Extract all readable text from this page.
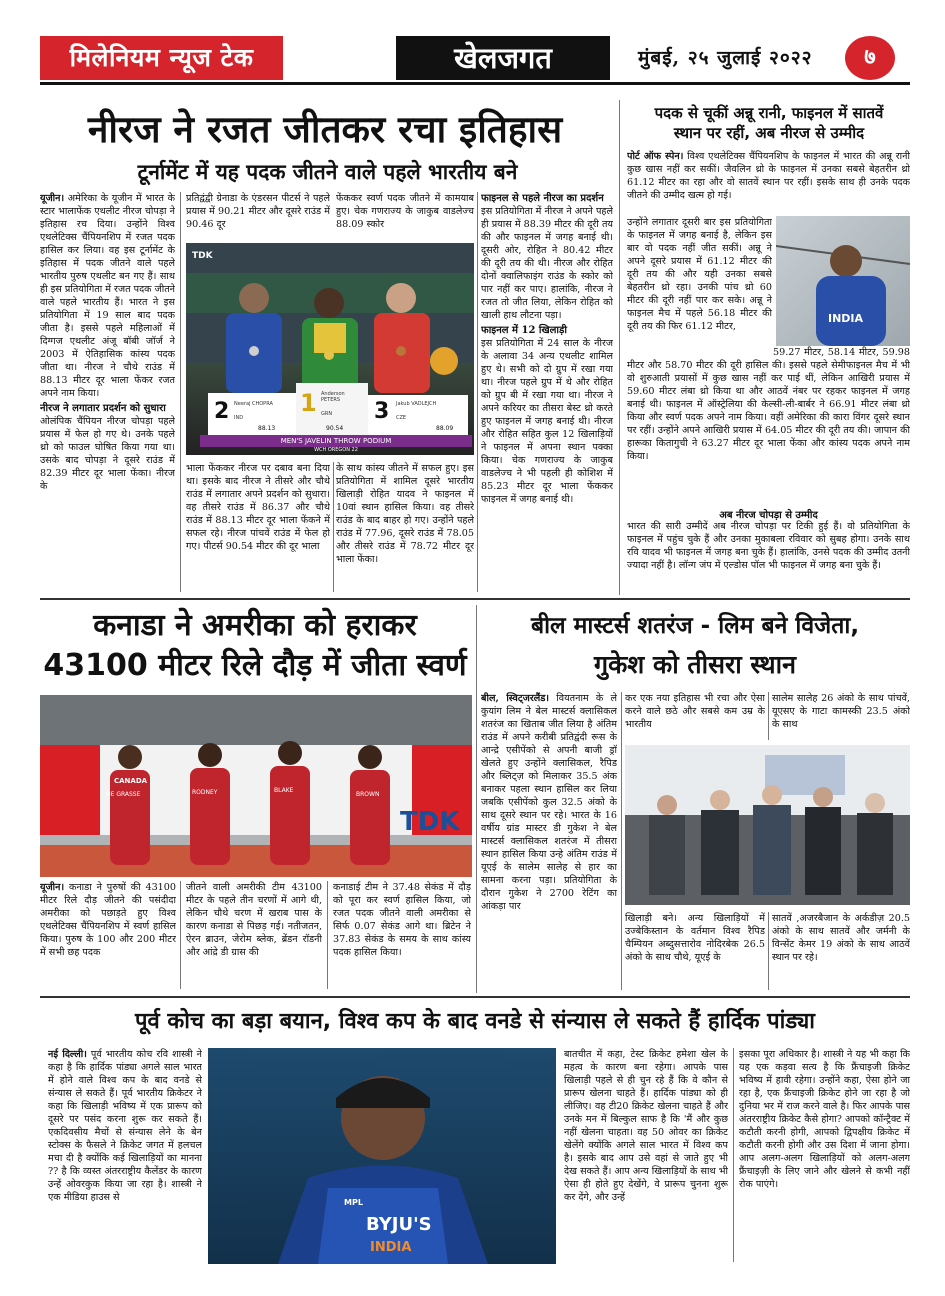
मिलेनियम न्यूज टेक	खेलजगत	मुंबई, २५ जुलाई २०२२	७
नीरज ने रजत जीतकर रचा इतिहास
टूर्नामेंट में यह पदक जीतने वाले पहले भारतीय बने
यूजीन। अमेरिका के यूजीन में भारत के स्टार भालाफेंक एथलीट नीरज चोपड़ा ने इतिहास रच दिया। उन्होंने विश्व एथलेटिक्स चैंपियनशिप में रजत पदक हासिल कर लिया। वह इस टूर्नामेंट के इतिहास में पदक जीतने वाले पहले भारतीय पुरुष एथलीट बन गए हैं। साथ ही इस प्रतियोगिता में रजत पदक जीतने वाले पहले भारतीय हैं। भारत ने इस प्रतियोगिता में 19 साल बाद पदक जीता है। इससे पहले महिलाओं में दिग्गज एथलीट अंजू बॉबी जॉर्ज ने 2003 में ऐतिहासिक कांस्य पदक जीता था। नीरज ने चौथे राउंड में 88.13 मीटर दूर भाला फेंकर रजत अपने नाम किया।
नीरज ने लगातार प्रदर्शन को सुधारा
ओलंपिक चैंपियन नीरज चोपड़ा पहले प्रयास में फेल हो गए थे। उनके पहले थ्रो को फाउल घोषित किया गया था। उसके बाद चोपड़ा ने दूसरे राउंड में 82.39 मीटर दूर भाला फेंका। नीरज के
प्रतिद्वंद्वी ग्रेनाडा के एंडरसन पीटर्स ने पहले प्रयास में 90.21 मीटर और दूसरे राउंड में 90.46 दूर
फेंककर स्वर्ण पदक जीतने में कामयाब हुए। चेक गणराज्य के जाकुब वाडलेज्च 88.09 स्कोर
2	1	3
Neeraj CHOPRA
IND
88.13
Anderson PETERS
GRN
90.54
Jakub VADLEJCH
CZE
88.09
MEN'S JAVELIN THROW PODIUM
WCH OREGON 22
TDK
भाला फेंककर नीरज पर दबाव बना दिया था। इसके बाद नीरज ने तीसरे और चौथे राउंड में लगातार अपने प्रदर्शन को सुधारा। वह तीसरे राउंड में 86.37 और चौथे राउंड में 88.13 मीटर दूर भाला फेंकने में सफल रहे। नीरज पांचवें राउंड में फेल हो गए। पीटर्स 90.54 मीटर की दूर भाला
के साथ कांस्य जीतने में सफल हुए। इस प्रतियोगिता में शामिल दूसरे भारतीय खिलाड़ी रोहित यादव ने फाइनल में 10वां स्थान हासिल किया। वह तीसरे राउंड के बाद बाहर हो गए। उन्होंने पहले राउंड में 77.96, दूसरे राउंड में 78.05 और तीसरे राउंड में 78.72 मीटर दूर भाला फेंका।
फाइनल से पहले नीरज का प्रदर्शन
इस प्रतियोगिता में नीरज ने अपने पहले ही प्रयास में 88.39 मीटर की दूरी तय की और फाइनल में जगह बनाई थी। दूसरी ओर, रोहित ने 80.42 मीटर की दूरी तय की थी। नीरज और रोहित दोनों क्वालिफाइंग राउंड के स्कोर को पार नहीं कर पाए। हालांकि, नीरज ने रजत तो जीत लिया, लेकिन रोहित को खाली हाथ लौटना पड़ा।
फाइनल में 12 खिलाड़ी
इस प्रतियोगिता में 24 साल के नीरज के अलावा 34 अन्य एथलीट शामिल हुए थे। सभी को दो ग्रुप में रखा गया था। नीरज पहले ग्रुप में थे और रोहित को ग्रुप बी में रखा गया था। नीरज ने अपने करियर का तीसरा बेस्ट थ्रो करते हुए फाइनल में जगह बनाई थी। नीरज और रोहित सहित कुल 12 खिलाड़ियों ने फाइनल में अपना स्थान पक्का किया। चेक गणराज्य के जाकुब वाडलेज्च ने भी पहली ही कोशिश में 85.23 मीटर दूर भाला फेंककर फाइनल में जगह बनाई थी।
पदक से चूकीं अन्नू रानी, फाइनल में सातवें
स्थान पर रहीं, अब नीरज से उम्मीद
पोर्ट ऑफ स्पेन। विश्व एथलेटिक्स चैंपियनशिप के फाइनल में भारत की अन्नू रानी कुछ खास नहीं कर सकीं। जैवलिन थ्रो के फाइनल में उनका सबसे बेहतरीन थ्रो 61.12 मीटर का रहा और वो सातवें स्थान पर रहीं। इसके साथ ही उनके पदक जीतने की उम्मीद खत्म हो गई।
उन्होंने लगातार दूसरी बार इस प्रतियोगिता के फाइनल में जगह बनाई है, लेकिन इस बार वो पदक नहीं जीत सकीं। अन्नू ने अपने दूसरे प्रयास में 61.12 मीटर की दूरी तय की और यही उनका सबसे बेहतरीन थ्रो रहा। उनकी पांच थ्रो 60 मीटर की दूरी नहीं पार कर सके। अन्नू ने फाइनल मैच में पहले 56.18 मीटर की दूरी तय की फिर 61.12 मीटर,
INDIA
59.27 मीटर, 58.14 मीटर, 59.98 मीटर और 58.70 मीटर की दूरी हासिल की। इससे पहले सेमीफाइनल मैच में भी वो शुरुआती प्रयासों में कुछ खास नहीं कर पाई थीं, लेकिन आखिरी प्रयास में 59.60 मीटर लंबा थ्रो किया था और आठवें नंबर पर रहकर फाइनल में जगह बनाई थी। फाइनल में ऑस्ट्रेलिया की केल्सी-ली-बार्बर ने 66.91 मीटर लंबा थ्रो किया और स्वर्ण पदक अपने नाम किया। वहीं अमेरिका की कारा विंगर दूसरे स्थान पर रहीं। उन्होंने अपने आखिरी प्रयास में 64.05 मीटर की दूरी तय की। जापान की हारूका कितागुची ने 63.27 मीटर दूर भाला फेंका और कांस्य पदक अपने नाम किया।
अब नीरज चोपड़ा से उम्मीद
भारत की सारी उम्मीदें अब नीरज चोपड़ा पर टिकी हुई हैं। वो प्रतियोगिता के फाइनल में पहुंच चुके हैं और उनका मुकाबला रविवार को सुबह होगा। उनके साथ रवि यादव भी फाइनल में जगह बना चुके हैं। हालांकि, उनसे पदक की उम्मीद उतनी ज्यादा नहीं है। लॉन्ग जंप में एल्डोस पॉल भी फाइनल में जगह बना चुके हैं।
कनाडा ने अमरीका को हराकर
43100 मीटर रिले दौड़ में जीता स्वर्ण
TDK
CANADA
DE GRASSE	RODNEY	BLAKE
BROWN
यूजीन। कनाडा ने पुरुषों की 43100 मीटर रिले दौड़ जीतने की पसंदीदा अमरीका को पछाड़ते हुए विश्व एथलेटिक्स चैंपियनशिप में स्वर्ण हासिल किया। पुरुष के 100 और 200 मीटर में सभी छह पदक
जीतने वाली अमरीकी टीम 43100 मीटर के पहले तीन चरणों में आगे थी, लेकिन चौथे चरण में खराब पास के कारण कनाडा से पिछड़ गई। नतीजतन, ऐरन ब्राउन, जेरोम ब्लेक, ब्रेंडन रॉडनी और आंद्रे डी ग्रास की
कनाडाई टीम ने 37.48 सेकंड में दौड़ को पूरा कर स्वर्ण हासिल किया, जो रजत पदक जीतने वाली अमरीका से सिर्फ 0.07 सेकंड आगे था। ब्रिटेन ने 37.83 सेकंड के समय के साथ कांस्य पदक हासिल किया।
बील मास्टर्स शतरंज - लिम बने विजेता,
गुकेश को तीसरा स्थान
बील, स्विट्जरलैंड। वियतनाम के ले कुयांग लिम ने बेल मास्टर्स क्लासिकल शतरंज का खिताब जीत लिया है अंतिम राउंड में अपने करीबी प्रतिद्वंदी रूस के आन्द्रे एसीपेंको से अपनी बाजी ड्रॉ खेलते हुए उन्होंने क्लासिकल, रैपिड और ब्लिट्ज़ को मिलाकर 35.5 अंक बनाकर पहला स्थान हासिल कर लिया जबकि एसीपेंको कुल 32.5 अंको के साथ दूसरे स्थान पर रहे। भारत के 16 वर्षीय ग्रांड मास्टर डी गुकेश ने बेल मास्टर्स क्लासिकल शतरंज में तीसरा स्थान हासिल किया उन्हे अंतिम राउंड में यूएई के सालेम सालेह से हार का सामना करना पड़ा। प्रतियोगिता के दौरान गुकेश ने 2700 रेटिंग का आंकड़ा पार
कर एक नया इतिहास भी रचा और ऐसा करने वाले छठे और सबसे कम उम्र के भारतीय
सालेम सालेह 26 अंको के साथ पांचवें, यूएसए के गाटा कामस्की 23.5 अंको के साथ
खिलाड़ी बने। अन्य खिलाड़ियों में उज्बेकिस्तान के वर्तमान विश्व रैपिड चैम्पियन अब्दुसत्तारोव नोदिरबेक 26.5 अंको के साथ चौथे, यूएई के
सातवें ,अजरबैजान के अर्कडीज़ 20.5 अंको के साथ सातवें और जर्मनी के विन्सेंट केमर 19 अंको के साथ आठवें स्थान पर रहे।
पूर्व कोच का बड़ा बयान, विश्व कप के बाद वनडे से संन्यास ले सकते हैं हार्दिक पांड्या
नई दिल्ली। पूर्व भारतीय कोच रवि शास्त्री ने कहा है कि हार्दिक पांड्या अगले साल भारत में होने वाले विश्व कप के बाद वनडे से संन्यास ले सकते हैं। पूर्व भारतीय क्रिकेटर ने कहा कि खिलाड़ी भविष्य में एक प्रारूप को दूसरे पर पसंद करना शुरू कर सकते हैं। एकदिवसीय मैचों से संन्यास लेने के बेन स्टोक्स के फैसले ने क्रिकेट जगत में हलचल मचा दी है क्योंकि कई खिलाड़ियों का मानना ?? है कि व्यस्त अंतरराष्ट्रीय कैलेंडर के कारण उन्हें ओवरकुक किया जा रहा है। शास्त्री ने एक मीडिया हाउस से	MPL
BYJU'S
INDIA
बातचीत में कहा, टेस्ट क्रिकेट हमेशा खेल के महत्व के कारण बना रहेगा। आपके पास खिलाड़ी पहले से ही चुन रहे हैं कि वे कौन से प्रारूप खेलना चाहते हैं। हार्दिक पांड्या को ही लीजिए। वह टी20 क्रिकेट खेलना चाहते हैं और उनके मन में बिल्कुल साफ है कि 'मैं और कुछ नहीं खेलना चाहता। वह 50 ओवर का क्रिकेट खेलेंगे क्योंकि अगले साल भारत में विश्व कप है। इसके बाद आप उसे वहां से जाते हुए भी देख सकते हैं। आप अन्य खिलाड़ियों के साथ भी ऐसा ही होते हुए देखेंगे, वे प्रारूप चुनना शुरू कर देंगे, और उन्हें
इसका पूरा अधिकार है। शास्त्री ने यह भी कहा कि यह एक कड़वा सत्य है कि फ्रैंचाइजी क्रिकेट भविष्य में हावी रहेगा। उन्होंने कहा, ऐसा होने जा रहा है, एक फ्रैंचाइजी क्रिकेट होने जा रहा है जो दुनिया भर में राज करने वाले है। फिर आपके पास अंतरराष्ट्रीय क्रिकेट कैसे होगा? आपको कॉन्ट्रैक्ट में कटौती करनी होगी, आपको द्विपक्षीय क्रिकेट में कटौती करनी होगी और उस दिशा में जाना होगा। आप अलग-अलग खिलाड़ियों को अलग-अलग फ्रैंचाइज़ी के लिए जाने और खेलने से कभी नहीं रोक पाएंगे।
